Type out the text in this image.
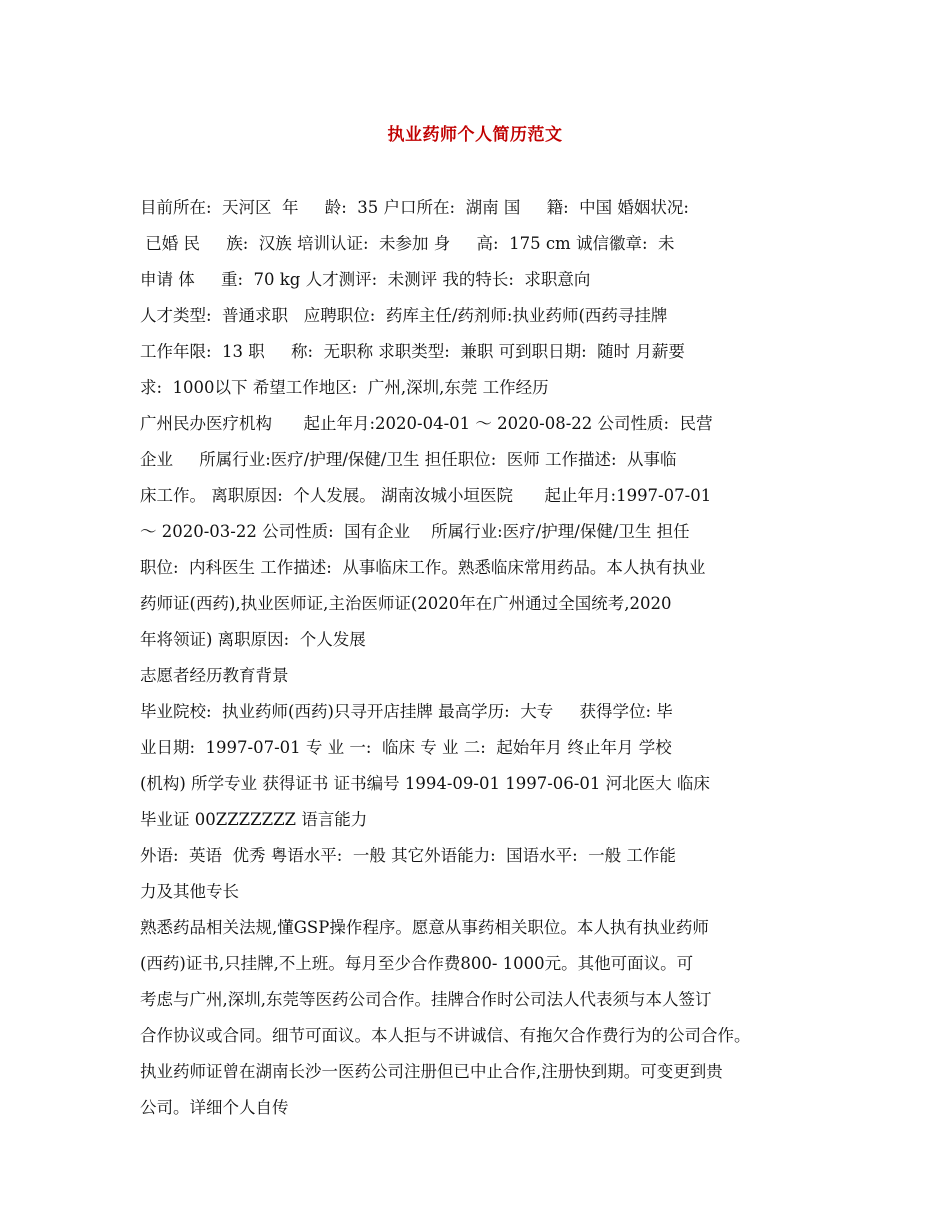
执业药师个人简历范文
目前所在:  天河区  年     龄:  35 户口所在:  湖南 国     籍:  中国 婚姻状况:
已婚 民     族:  汉族 培训认证:  未参加 身     高:  175 cm 诚信徽章:  未
申请 体     重:  70 kg 人才测评:  未测评 我的特长:  求职意向
人才类型:  普通求职   应聘职位:  药库主任/药剂师:执业药师(西药寻挂牌
工作年限:  13 职     称:  无职称 求职类型:  兼职 可到职日期:  随时 月薪要
求:  1000以下 希望工作地区:  广州,深圳,东莞 工作经历
广州民办医疗机构      起止年月:2020-04-01 ～ 2020-08-22 公司性质:  民营
企业     所属行业:医疗/护理/保健/卫生 担任职位:  医师 工作描述:  从事临
床工作。 离职原因:  个人发展。 湖南汝城小垣医院      起止年月:1997-07-01
～ 2020-03-22 公司性质:  国有企业    所属行业:医疗/护理/保健/卫生 担任
职位:  内科医生 工作描述:  从事临床工作。熟悉临床常用药品。本人执有执业
药师证(西药),执业医师证,主治医师证(2020年在广州通过全国统考,2020
年将领证) 离职原因:  个人发展
志愿者经历教育背景
毕业院校:  执业药师(西药)只寻开店挂牌 最高学历:  大专     获得学位: 毕
业日期:  1997-07-01 专 业 一:  临床 专 业 二:  起始年月 终止年月 学校
(机构) 所学专业 获得证书 证书编号 1994-09-01 1997-06-01 河北医大 临床
毕业证 00ZZZZZZZ 语言能力
外语:  英语  优秀 粤语水平:  一般 其它外语能力:  国语水平:  一般 工作能
力及其他专长
熟悉药品相关法规,懂GSP操作程序。愿意从事药相关职位。本人执有执业药师
(西药)证书,只挂牌,不上班。每月至少合作费800- 1000元。其他可面议。可
考虑与广州,深圳,东莞等医药公司合作。挂牌合作时公司法人代表须与本人签订
合作协议或合同。细节可面议。本人拒与不讲诚信、有拖欠合作费行为的公司合作。
执业药师证曾在湖南长沙一医药公司注册但已中止合作,注册快到期。可变更到贵
公司。详细个人自传
